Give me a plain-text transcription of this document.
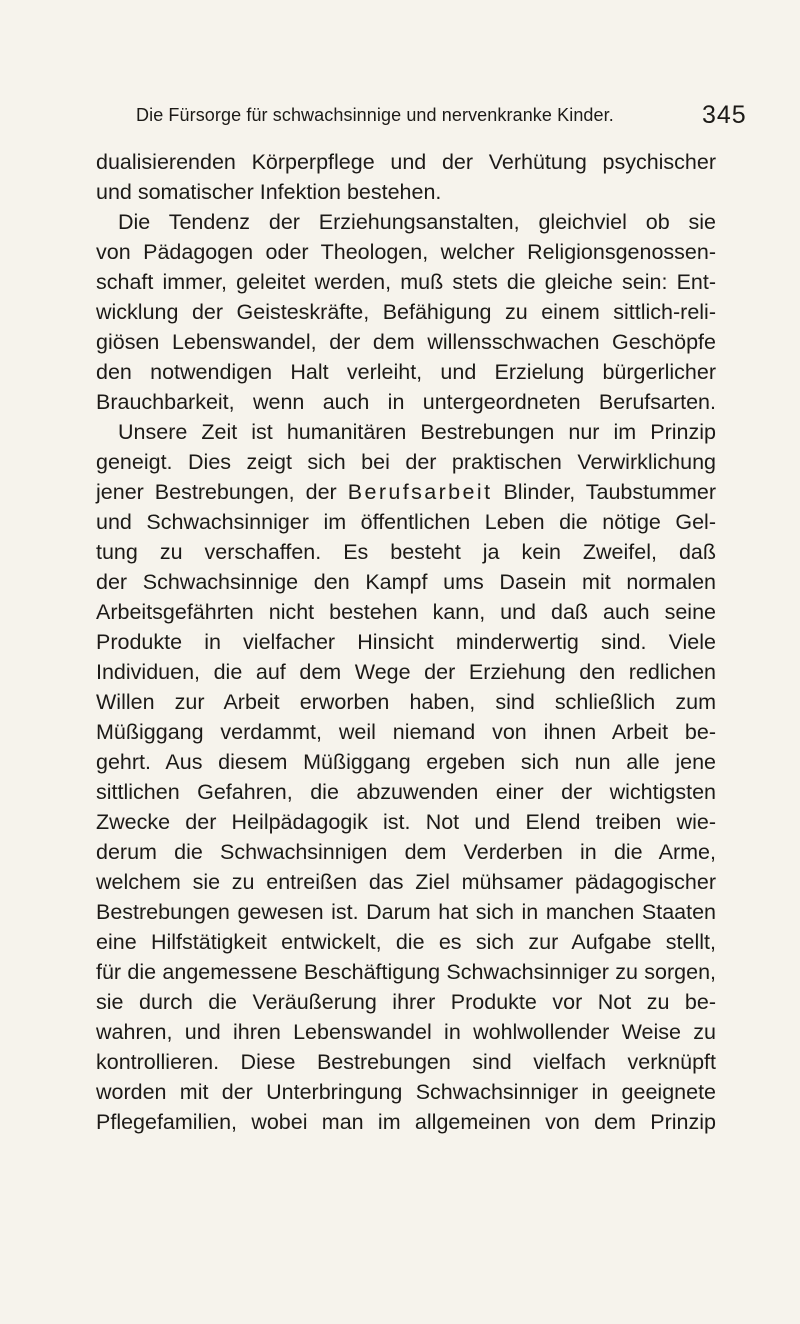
Die Fürsorge für schwachsinnige und nervenkranke Kinder.	345
dualisierenden Körperpflege und der Verhütung psychischer
und somatischer Infektion bestehen.
Die Tendenz der Erziehungsanstalten, gleichviel ob sie
von Pädagogen oder Theologen, welcher Religionsgenossen-
schaft immer, geleitet werden, muß stets die gleiche sein: Ent-
wicklung der Geisteskräfte, Befähigung zu einem sittlich-reli-
giösen Lebenswandel, der dem willensschwachen Geschöpfe
den notwendigen Halt verleiht, und Erzielung bürgerlicher
Brauchbarkeit, wenn auch in untergeordneten Berufsarten.
Unsere Zeit ist humanitären Bestrebungen nur im Prinzip
geneigt. Dies zeigt sich bei der praktischen Verwirklichung
jener Bestrebungen, der Berufsarbeit Blinder, Taubstummer
und Schwachsinniger im öffentlichen Leben die nötige Gel-
tung zu verschaffen. Es besteht ja kein Zweifel, daß
der Schwachsinnige den Kampf ums Dasein mit normalen
Arbeitsgefährten nicht bestehen kann, und daß auch seine
Produkte in vielfacher Hinsicht minderwertig sind. Viele
Individuen, die auf dem Wege der Erziehung den redlichen
Willen zur Arbeit erworben haben, sind schließlich zum
Müßiggang verdammt, weil niemand von ihnen Arbeit be-
gehrt. Aus diesem Müßiggang ergeben sich nun alle jene
sittlichen Gefahren, die abzuwenden einer der wichtigsten
Zwecke der Heilpädagogik ist. Not und Elend treiben wie-
derum die Schwachsinnigen dem Verderben in die Arme,
welchem sie zu entreißen das Ziel mühsamer pädagogischer
Bestrebungen gewesen ist. Darum hat sich in manchen Staaten
eine Hilfstätigkeit entwickelt, die es sich zur Aufgabe stellt,
für die angemessene Beschäftigung Schwachsinniger zu sorgen,
sie durch die Veräußerung ihrer Produkte vor Not zu be-
wahren, und ihren Lebenswandel in wohlwollender Weise zu
kontrollieren. Diese Bestrebungen sind vielfach verknüpft
worden mit der Unterbringung Schwachsinniger in geeignete
Pflegefamilien, wobei man im allgemeinen von dem Prinzip
